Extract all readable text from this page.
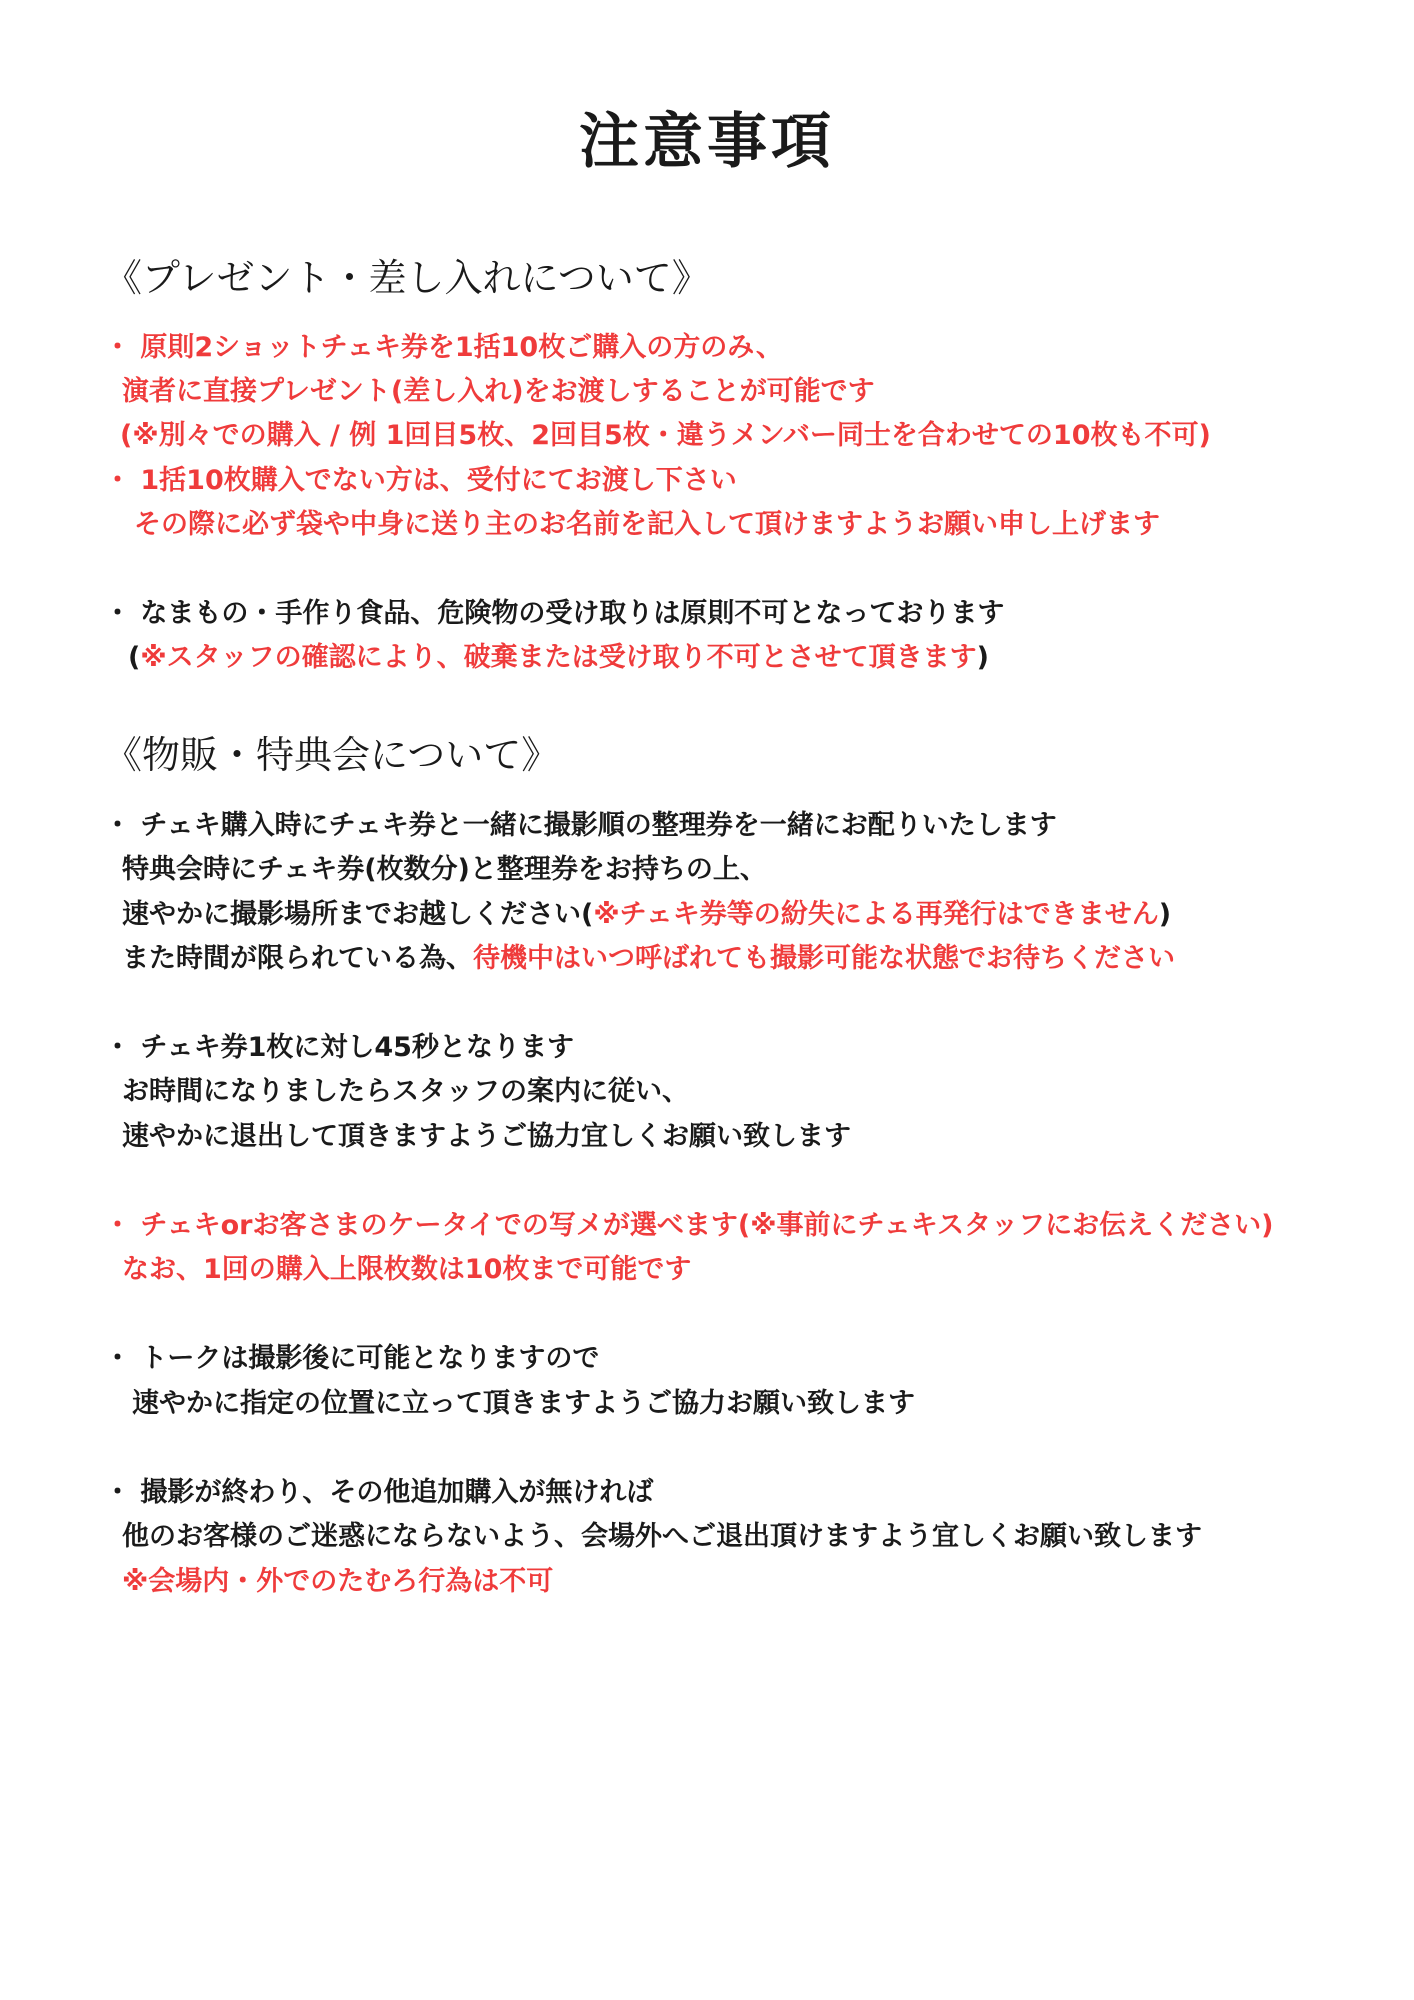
注意事項
《プレゼント・差し入れについて》
・ 原則2ショットチェキ券を1括10枚ご購入の方のみ、
演者に直接プレゼント(差し入れ)をお渡しすることが可能です
(※別々での購入 / 例 1回目5枚、2回目5枚・違うメンバー同士を合わせての10枚も不可)
・ 1括10枚購入でない方は、受付にてお渡し下さい
その際に必ず袋や中身に送り主のお名前を記入して頂けますようお願い申し上げます
・ なまもの・手作り食品、危険物の受け取りは原則不可となっております
(※スタッフの確認により、破棄または受け取り不可とさせて頂きます)
《物販・特典会について》
・ チェキ購入時にチェキ券と一緒に撮影順の整理券を一緒にお配りいたします
特典会時にチェキ券(枚数分)と整理券をお持ちの上、
速やかに撮影場所までお越しください(※チェキ券等の紛失による再発行はできません)
また時間が限られている為、待機中はいつ呼ばれても撮影可能な状態でお待ちください
・ チェキ券1枚に対し45秒となります
お時間になりましたらスタッフの案内に従い、
速やかに退出して頂きますようご協力宜しくお願い致します
・ チェキorお客さまのケータイでの写メが選べます(※事前にチェキスタッフにお伝えください)
なお、1回の購入上限枚数は10枚まで可能です
・ トークは撮影後に可能となりますので
速やかに指定の位置に立って頂きますようご協力お願い致します
・ 撮影が終わり、その他追加購入が無ければ
他のお客様のご迷惑にならないよう、会場外へご退出頂けますよう宜しくお願い致します
※会場内・外でのたむろ行為は不可
